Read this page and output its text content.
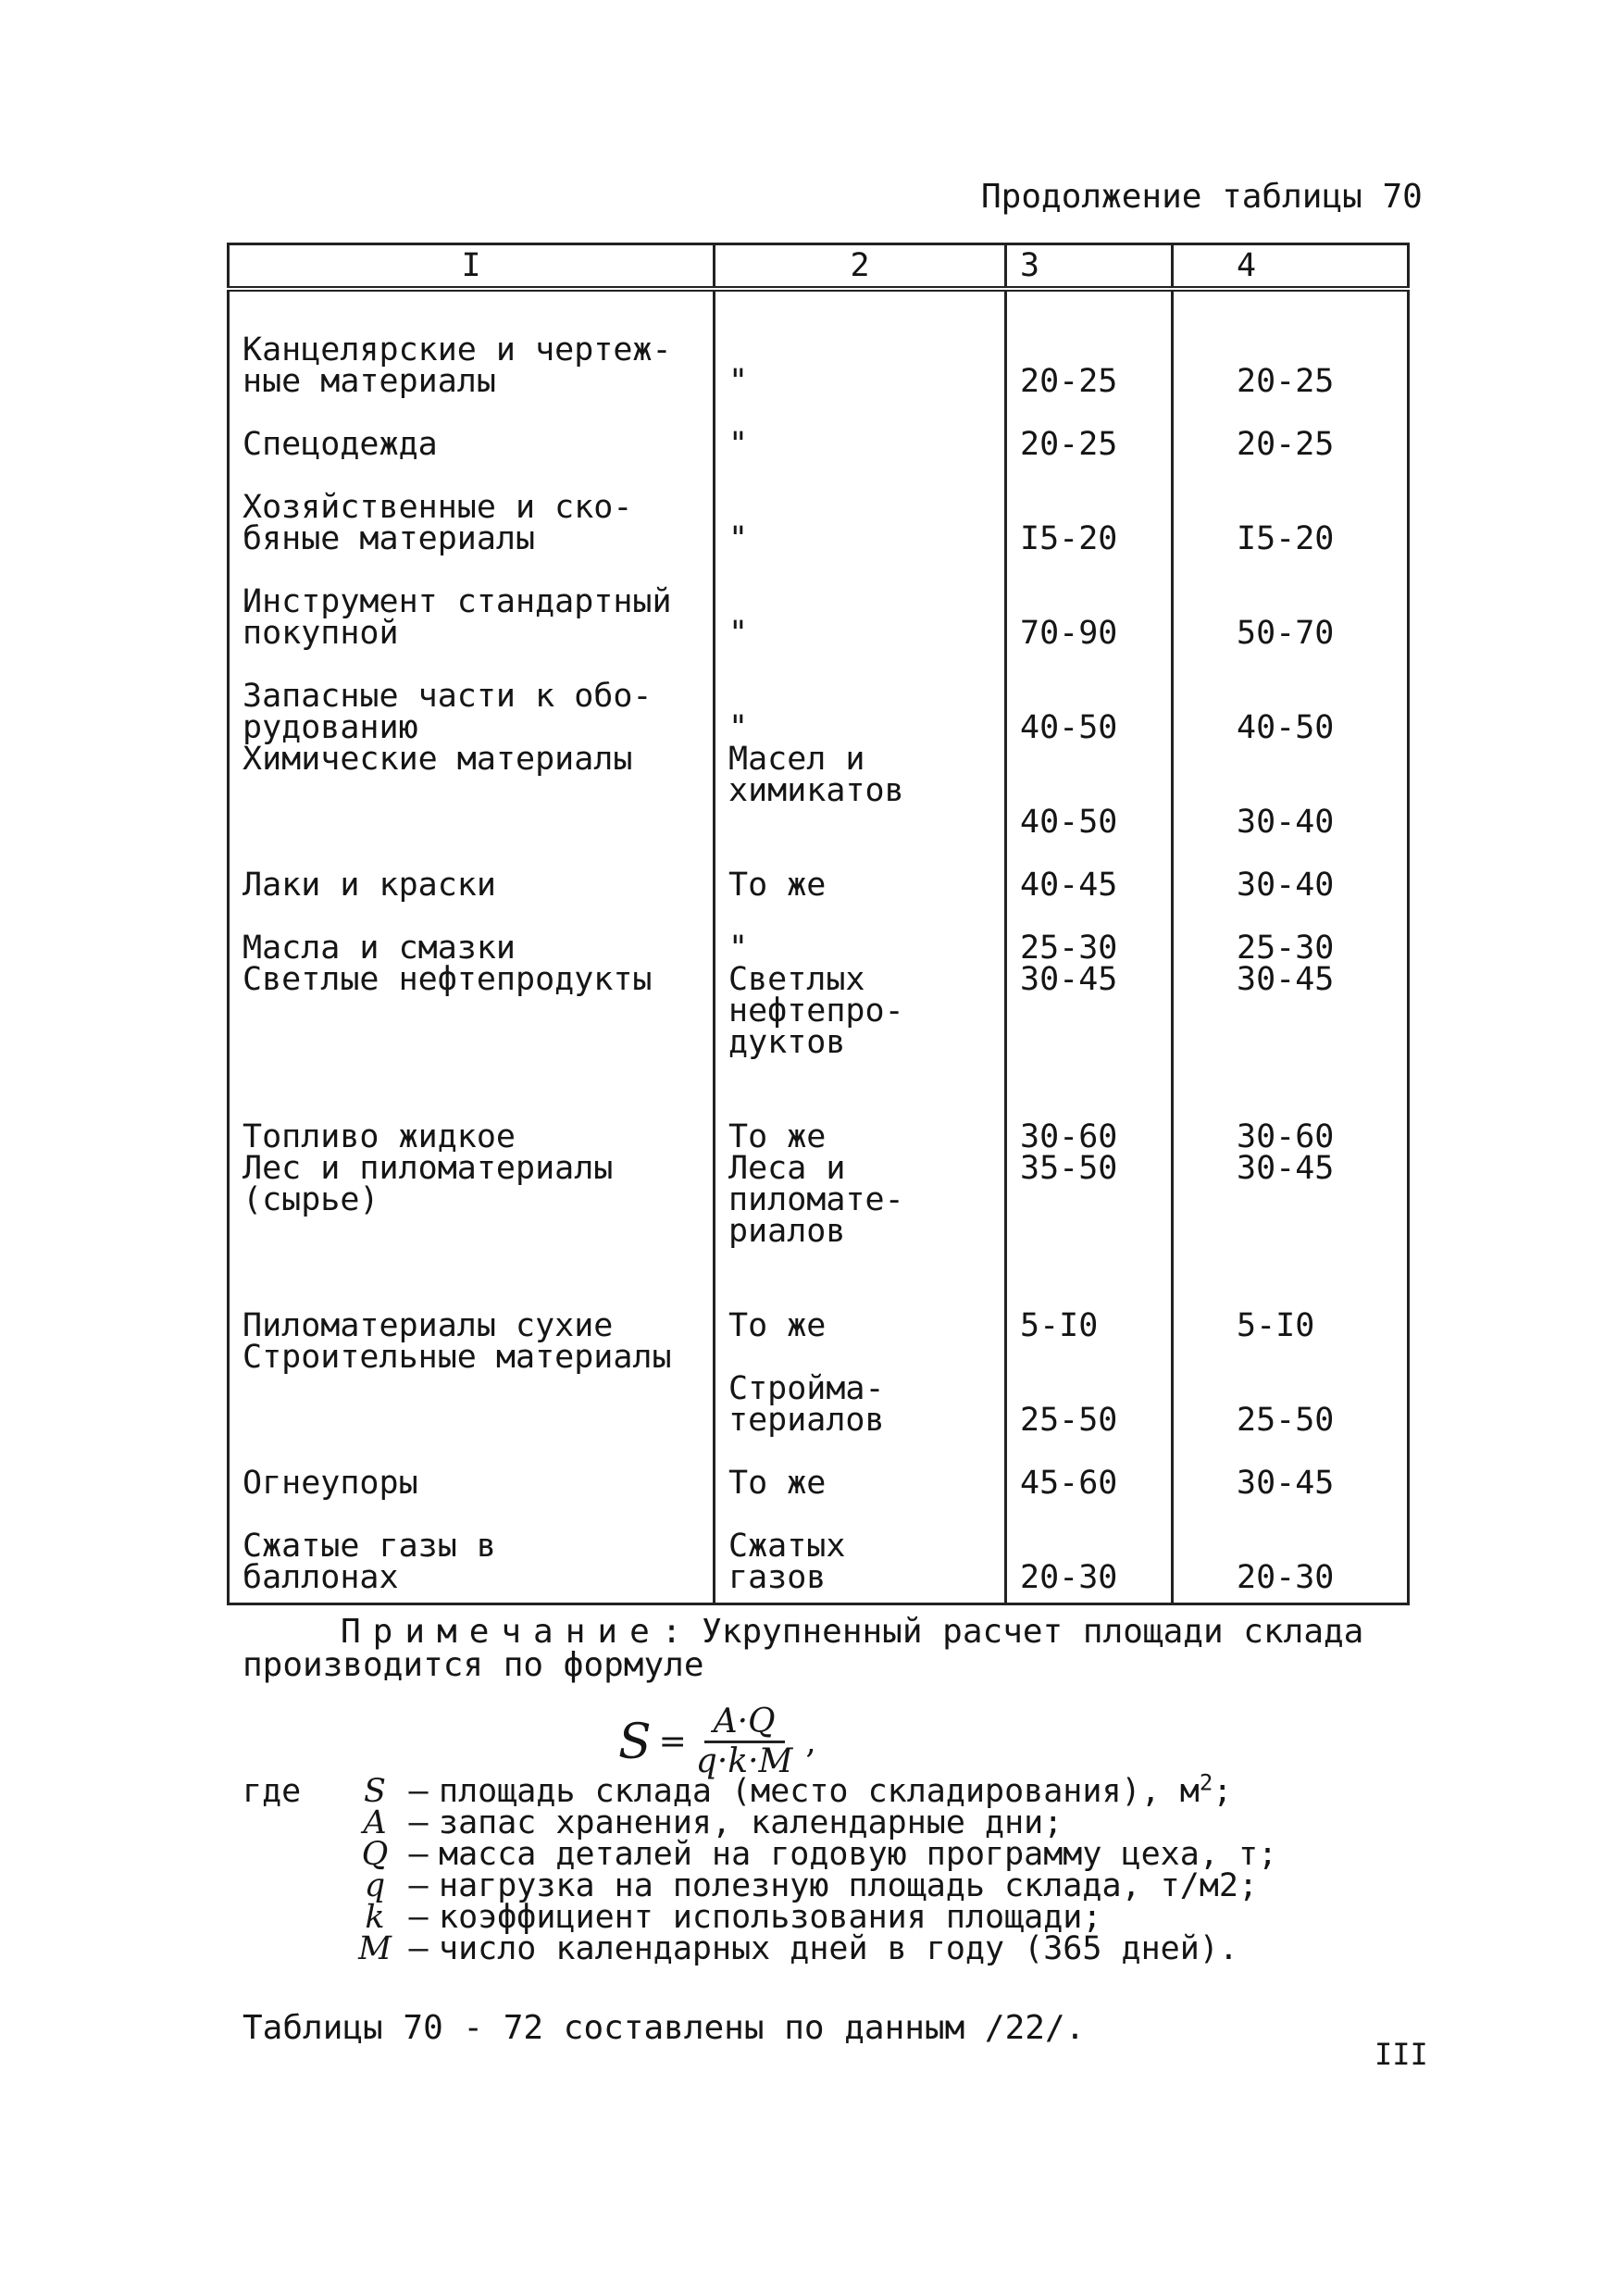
Продолжение таблицы 70
I	2	3	4
Канцелярские и чертеж-
ные материалы	"	20-25	20-25
Спецодежда	"	20-25	20-25
Хозяйственные и ско-
бяные материалы	"	I5-20	I5-20
Инструмент стандартный
покупной	"	70-90	50-70
Запасные части к обо-
рудованию	"	40-50	40-50
Химические материалы	Масел и
химикатов	40-50	30-40
Лаки и краски	То же	40-45	30-40
Масла и смазки	"	25-30	25-30
Светлые нефтепродукты	Светлых
нефтепро-
дуктов	30-45	30-45
Топливо жидкое	То же	30-60	30-60
Лес и пиломатериалы
(сырье)	Леса и
пиломате-
риалов	35-50	30-45
Пиломатериалы сухие	То же	5-I0	5-I0
Строительные материалы	Стройма-
териалов	25-50	25-50
Огнеупоры	То же	45-60	30-45
Сжатые газы в
баллонах	Сжатых
газов	20-30	20-30
Примечание: Укрупненный расчет площади склада
производится по формуле
$S = \frac{A\cdot Q}{q\cdot k\cdot M}$ ,
где	S – площадь склада (место складирования), $м^2$;
A – запас хранения, календарные дни;
Q – масса деталей на годовую программу цеха, т;
q – нагрузка на полезную площадь склада, т/м2;
k – коэффициент использования площади;
M – число календарных дней в году (365 дней).
Таблицы 70 - 72 составлены по данным /22/.
III
